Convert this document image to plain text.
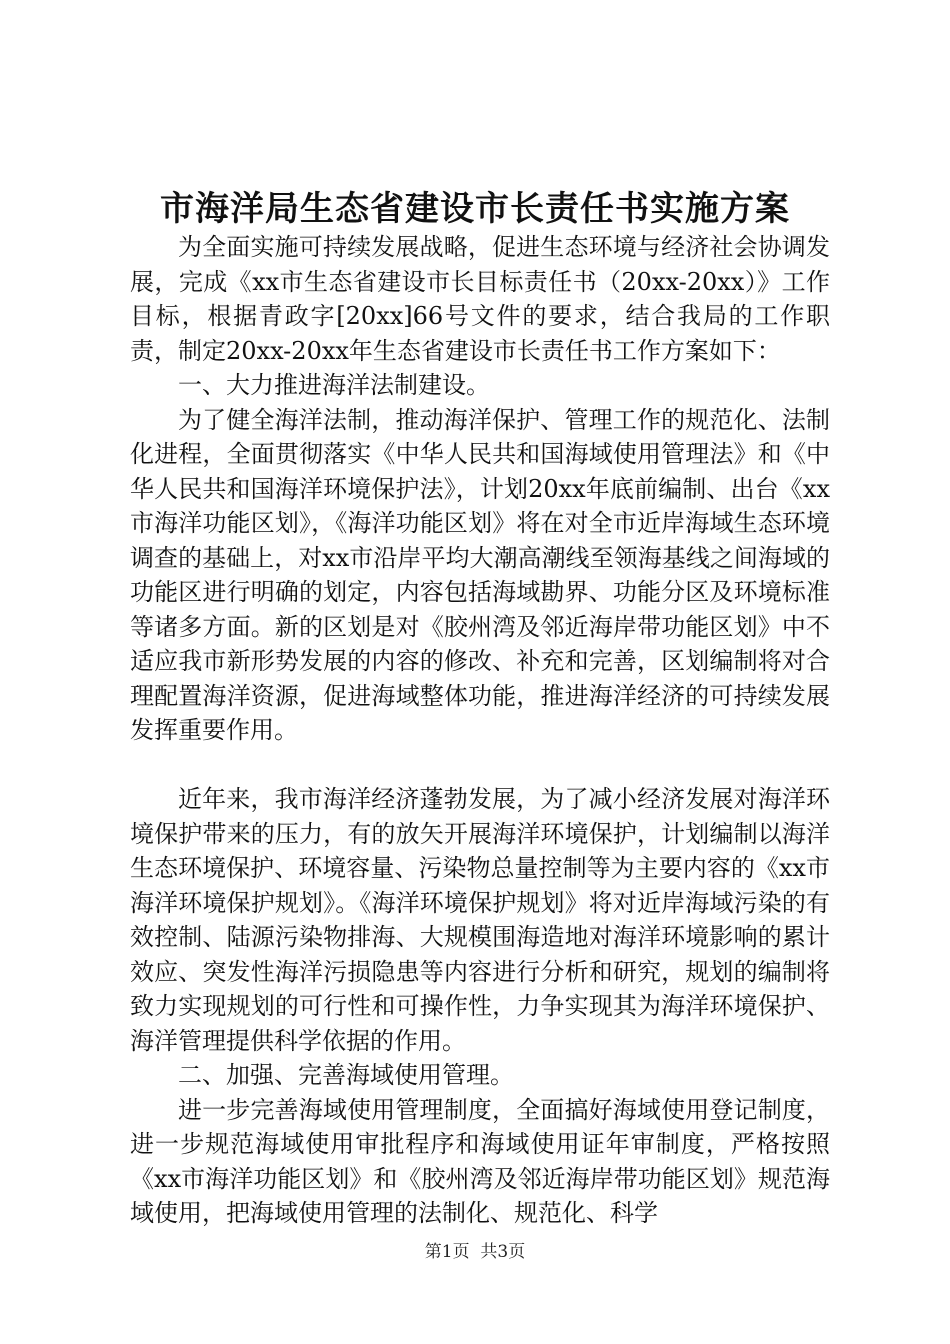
市海洋局生态省建设市长责任书实施方案

为全面实施可持续发展战略，促进生态环境与经济社会协调发展，完成《xx市生态省建设市长目标责任书（20xx-20xx）》工作目标，根据青政字[20xx]66号文件的要求，结合我局的工作职责，制定20xx-20xx年生态省建设市长责任书工作方案如下：

一、大力推进海洋法制建设。

为了健全海洋法制，推动海洋保护、管理工作的规范化、法制化进程，全面贯彻落实《中华人民共和国海域使用管理法》和《中华人民共和国海洋环境保护法》，计划20xx年底前编制、出台《xx市海洋功能区划》，《海洋功能区划》将在对全市近岸海域生态环境调查的基础上，对xx市沿岸平均大潮高潮线至领海基线之间海域的功能区进行明确的划定，内容包括海域勘界、功能分区及环境标准等诸多方面。新的区划是对《胶州湾及邻近海岸带功能区划》中不适应我市新形势发展的内容的修改、补充和完善，区划编制将对合理配置海洋资源，促进海域整体功能，推进海洋经济的可持续发展发挥重要作用。

近年来，我市海洋经济蓬勃发展，为了减小经济发展对海洋环境保护带来的压力，有的放矢开展海洋环境保护，计划编制以海洋生态环境保护、环境容量、污染物总量控制等为主要内容的《xx市海洋环境保护规划》。《海洋环境保护规划》将对近岸海域污染的有效控制、陆源污染物排海、大规模围海造地对海洋环境影响的累计效应、突发性海洋污损隐患等内容进行分析和研究，规划的编制将致力实现规划的可行性和可操作性，力争实现其为海洋环境保护、海洋管理提供科学依据的作用。

二、加强、完善海域使用管理。

进一步完善海域使用管理制度，全面搞好海域使用登记制度，进一步规范海域使用审批程序和海域使用证年审制度，严格按照《xx市海洋功能区划》和《胶州湾及邻近海岸带功能区划》规范海域使用，把海域使用管理的法制化、规范化、科学

第1页 共3页
